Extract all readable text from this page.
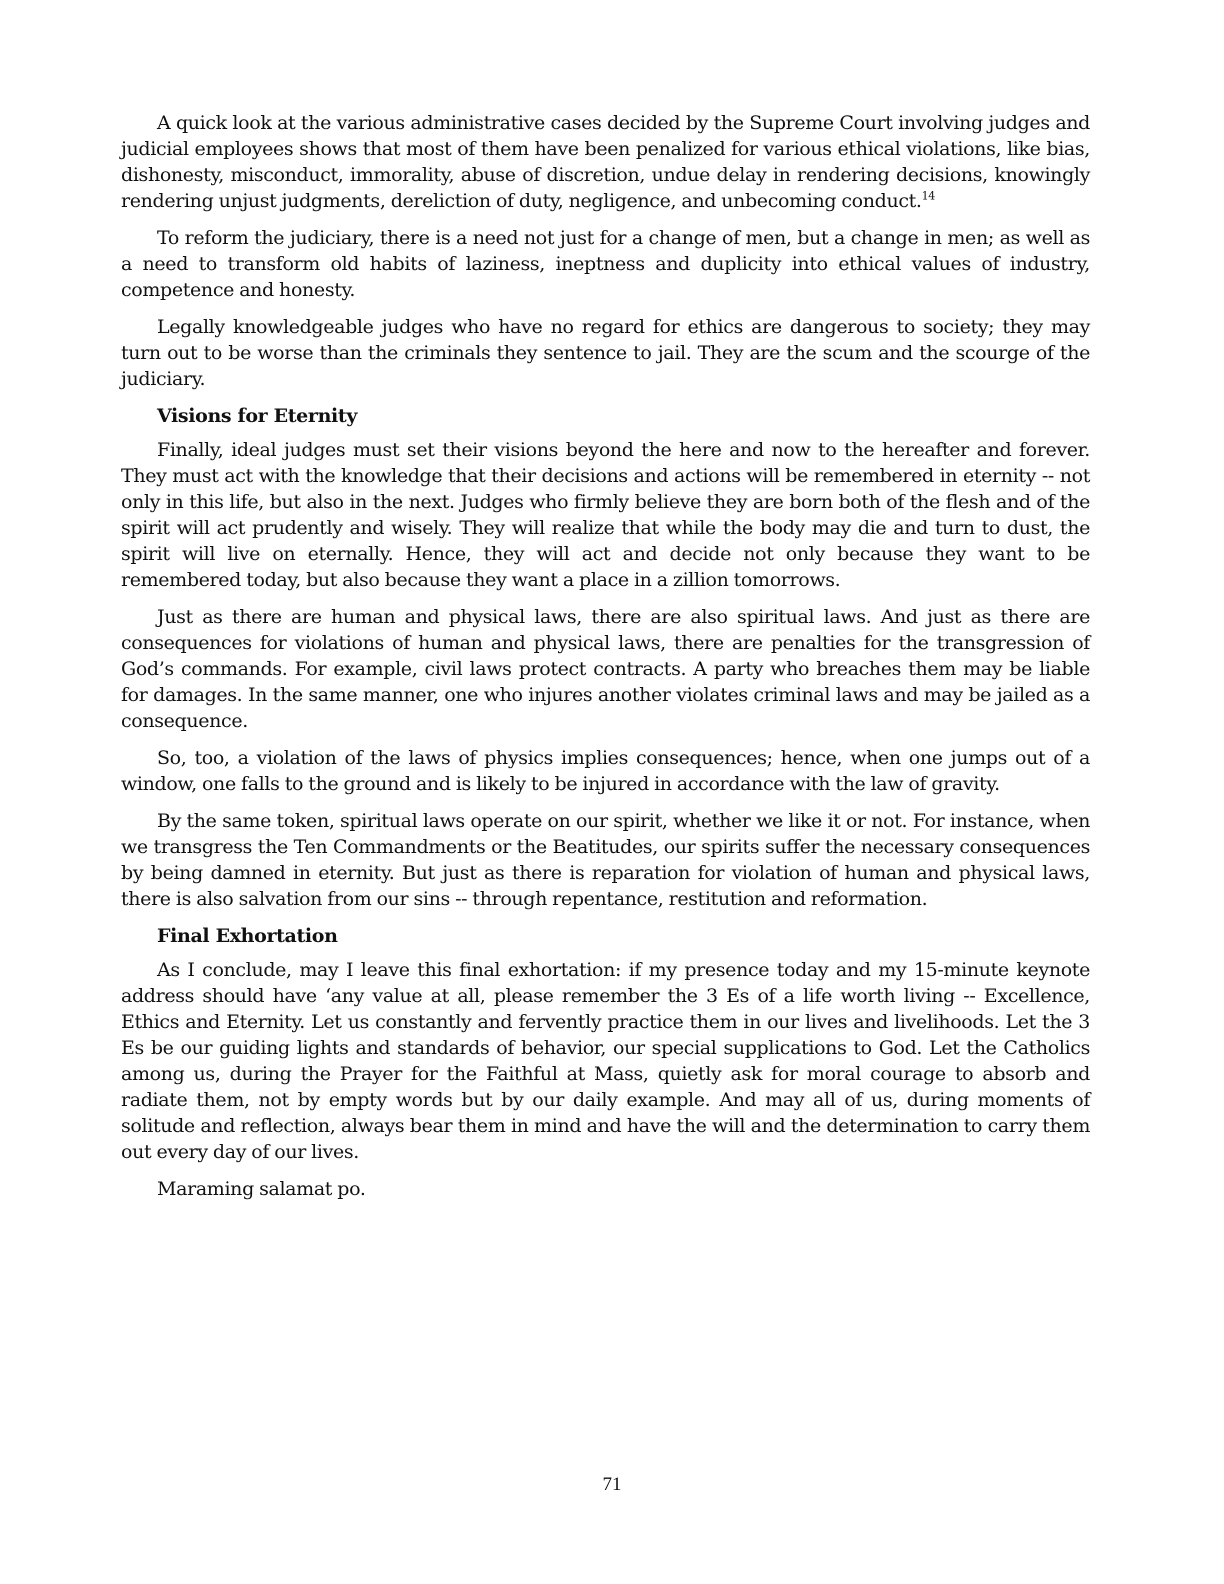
A quick look at the various administrative cases decided by the Supreme Court involving judges and judicial employees shows that most of them have been penalized for various ethical violations, like bias, dishonesty, misconduct, immorality, abuse of discretion, undue delay in rendering decisions, knowingly rendering unjust judgments, dereliction of duty, negligence, and unbecoming conduct.$^{14}$

To reform the judiciary, there is a need not just for a change of men, but a change in men; as well as a need to transform old habits of laziness, ineptness and duplicity into ethical values of industry, competence and honesty.

Legally knowledgeable judges who have no regard for ethics are dangerous to society; they may turn out to be worse than the criminals they sentence to jail. They are the scum and the scourge of the judiciary.

Visions for Eternity

Finally, ideal judges must set their visions beyond the here and now to the hereafter and forever. They must act with the knowledge that their decisions and actions will be remembered in eternity -- not only in this life, but also in the next. Judges who firmly believe they are born both of the flesh and of the spirit will act prudently and wisely. They will realize that while the body may die and turn to dust, the spirit will live on eternally. Hence, they will act and decide not only because they want to be remembered today, but also because they want a place in a zillion tomorrows.

Just as there are human and physical laws, there are also spiritual laws. And just as there are consequences for violations of human and physical laws, there are penalties for the transgression of God’s commands. For example, civil laws protect contracts. A party who breaches them may be liable for damages. In the same manner, one who injures another violates criminal laws and may be jailed as a consequence.

So, too, a violation of the laws of physics implies consequences; hence, when one jumps out of a window, one falls to the ground and is likely to be injured in accordance with the law of gravity.

By the same token, spiritual laws operate on our spirit, whether we like it or not. For instance, when we transgress the Ten Commandments or the Beatitudes, our spirits suffer the necessary consequences by being damned in eternity. But just as there is reparation for violation of human and physical laws, there is also salvation from our sins -- through repentance, restitution and reformation.

Final Exhortation

As I conclude, may I leave this final exhortation: if my presence today and my 15-minute keynote address should have ‘any value at all, please remember the 3 Es of a life worth living -- Excellence, Ethics and Eternity. Let us constantly and fervently practice them in our lives and livelihoods. Let the 3 Es be our guiding lights and standards of behavior, our special supplications to God. Let the Catholics among us, during the Prayer for the Faithful at Mass, quietly ask for moral courage to absorb and radiate them, not by empty words but by our daily example. And may all of us, during moments of solitude and reflection, always bear them in mind and have the will and the determination to carry them out every day of our lives.

Maraming salamat po.

71
